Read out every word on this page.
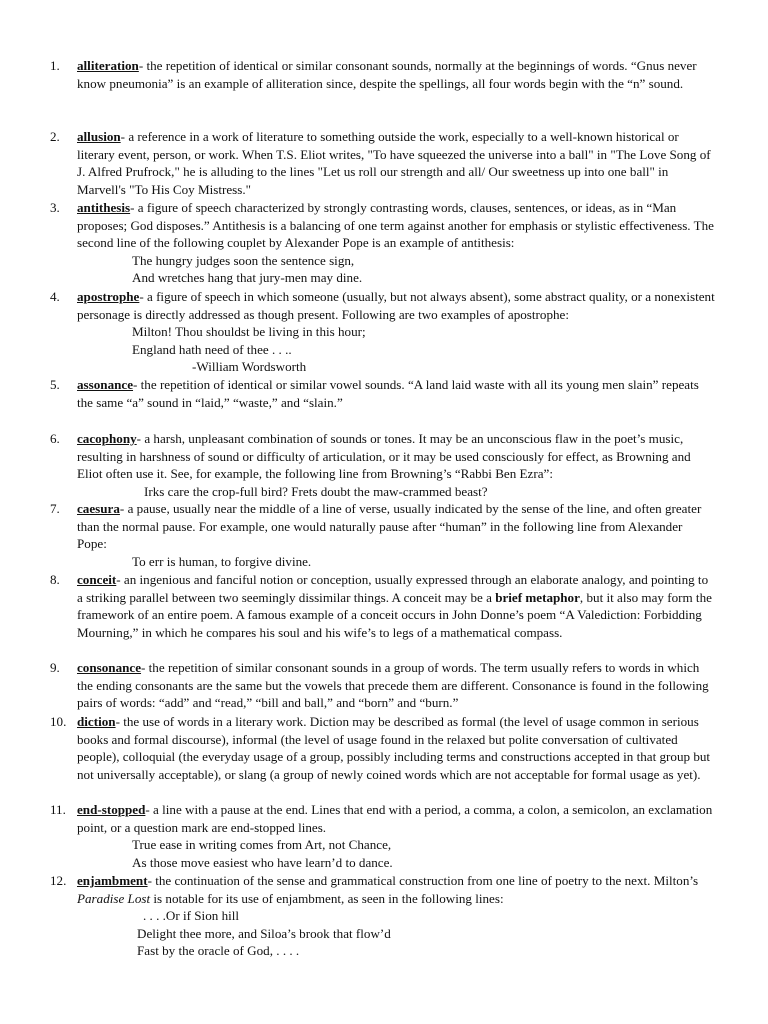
1.	alliteration- the repetition of identical or similar consonant sounds, normally at the beginnings of words. “Gnus never know pneumonia” is an example of alliteration since, despite the spellings, all four words begin with the “n” sound.
2.	allusion- a reference in a work of literature to something outside the work, especially to a well-known historical or literary event, person, or work. When T.S. Eliot writes, "To have squeezed the universe into a ball" in "The Love Song of J. Alfred Prufrock," he is alluding to the lines "Let us roll our strength and all/ Our sweetness up into one ball" in Marvell's "To His Coy Mistress."
3.	antithesis- a figure of speech characterized by strongly contrasting words, clauses, sentences, or ideas, as in “Man proposes; God disposes.” Antithesis is a balancing of one term against another for emphasis or stylistic effectiveness. The second line of the following couplet by Alexander Pope is an example of antithesis:
The hungry judges soon the sentence sign,
And wretches hang that jury-men may dine.
4.	apostrophe- a figure of speech in which someone (usually, but not always absent), some abstract quality, or a nonexistent personage is directly addressed as though present. Following are two examples of apostrophe:
Milton! Thou shouldst be living in this hour;
England hath need of thee . . ..
-William Wordsworth
5.	assonance- the repetition of identical or similar vowel sounds. “A land laid waste with all its young men slain” repeats the same “a” sound in “laid,” “waste,” and “slain.”
6.	cacophony- a harsh, unpleasant combination of sounds or tones. It may be an unconscious flaw in the poet’s music, resulting in harshness of sound or difficulty of articulation, or it may be used consciously for effect, as Browning and Eliot often use it. See, for example, the following line from Browning’s “Rabbi Ben Ezra”:
Irks care the crop-full bird? Frets doubt the maw-crammed beast?
7.	caesura- a pause, usually near the middle of a line of verse, usually indicated by the sense of the line, and often greater than the normal pause. For example, one would naturally pause after “human” in the following line from Alexander Pope:
To err is human, to forgive divine.
8.	conceit- an ingenious and fanciful notion or conception, usually expressed through an elaborate analogy, and pointing to a striking parallel between two seemingly dissimilar things. A conceit may be a brief metaphor, but it also may form the framework of an entire poem. A famous example of a conceit occurs in John Donne’s poem “A Valediction: Forbidding Mourning,” in which he compares his soul and his wife’s to legs of a mathematical compass.
9.	consonance- the repetition of similar consonant sounds in a group of words. The term usually refers to words in which the ending consonants are the same but the vowels that precede them are different. Consonance is found in the following pairs of words: “add” and “read,” “bill and ball,” and “born” and “burn.”
10. diction- the use of words in a literary work. Diction may be described as formal (the level of usage common in serious books and formal discourse), informal (the level of usage found in the relaxed but polite conversation of cultivated people), colloquial (the everyday usage of a group, possibly including terms and constructions accepted in that group but not universally acceptable), or slang (a group of newly coined words which are not acceptable for formal usage as yet).
11. end-stopped- a line with a pause at the end. Lines that end with a period, a comma, a colon, a semicolon, an exclamation point, or a question mark are end-stopped lines.
True ease in writing comes from Art, not Chance,
As those move easiest who have learn’d to dance.
12. enjambment- the continuation of the sense and grammatical construction from one line of poetry to the next. Milton’s Paradise Lost is notable for its use of enjambment, as seen in the following lines:
. . . .Or if Sion hill
Delight thee more, and Siloa’s brook that flow’d
Fast by the oracle of God, . . . .
